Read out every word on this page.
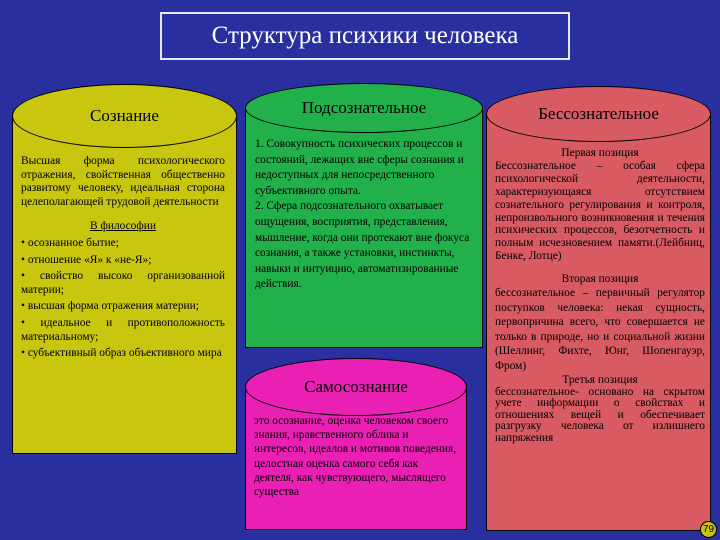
Структура психики человека
Сознание

Высшая форма психологического отражения, свойственная общественно развитому человеку, идеальная сторона целеполагающей трудовой деятельности

В философии

• осознанное бытие;

• отношение «Я» к «не-Я»;

• свойство высоко организованной материи;

• высшая форма отражения материи;

• идеальное и противоположность материальному;

• субъективный образ объективного мира

Подсознательное
1. Совокупность психических процессов и состояний, лежащих вне сферы сознания и недоступных для непосредственного субъективного опыта.
2. Сфера подсознательного охватывает ощущения, восприятия, представления, мышление, когда они протекают вне фокуса сознания, а также установки, инстинкты, навыки и интуицию, автоматизированные действия.
Самосознание
это осознание, оценка человеком своего знания, нравственного облика и интересов, идеалов и мотивов поведения, целостная оценка самого себя как деятеля, как чувствующего, мыслящего существа
Бессознательное

Первая позиция

Бессознательное – особая сфера психологической деятельности, характеризующаяся отсутствием сознательного регулирования и контроля, непроизвольного возникновения и течения психических процессов, безотчетность и полным исчезновением памяти.(Лейбниц, Бенке, Лотце)

Вторая позиция

бессознательное – первичный регулятор поступков человека: некая сущность, первопричина всего, что совершается не только в природе, но и социальной жизни (Шеллинг, Фихте, Юнг, Шопенгауэр, Фром)

Третья позиция

бессознательное- основано на скрытом учете информации о свойствах и отношениях вещей и обеспечивает разгрузку человека от излишнего напряжения

79
